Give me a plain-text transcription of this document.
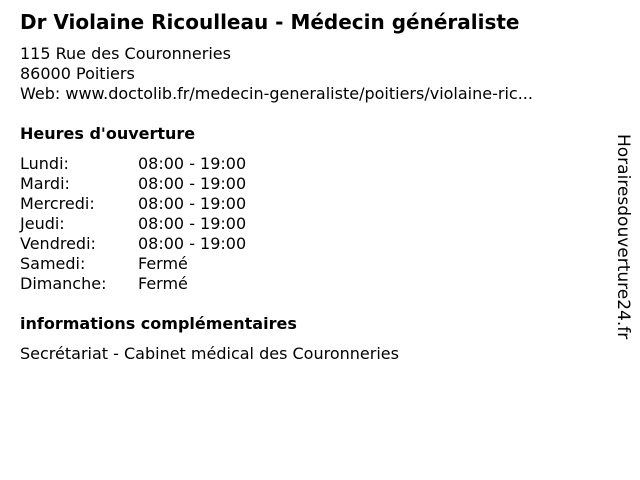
Dr Violaine Ricoulleau - Médecin généraliste
115 Rue des Couronneries
86000 Poitiers
Web: www.doctolib.fr/medecin-generaliste/poitiers/violaine-ric...
Heures d'ouverture
Lundi:	08:00 - 19:00
Mardi:	08:00 - 19:00
Mercredi:	08:00 - 19:00
Jeudi:	08:00 - 19:00
Vendredi:	08:00 - 19:00
Samedi:	Fermé
Dimanche: Fermé
informations complémentaires
Secrétariat - Cabinet médical des Couronneries
Horairesdouverture24.fr
